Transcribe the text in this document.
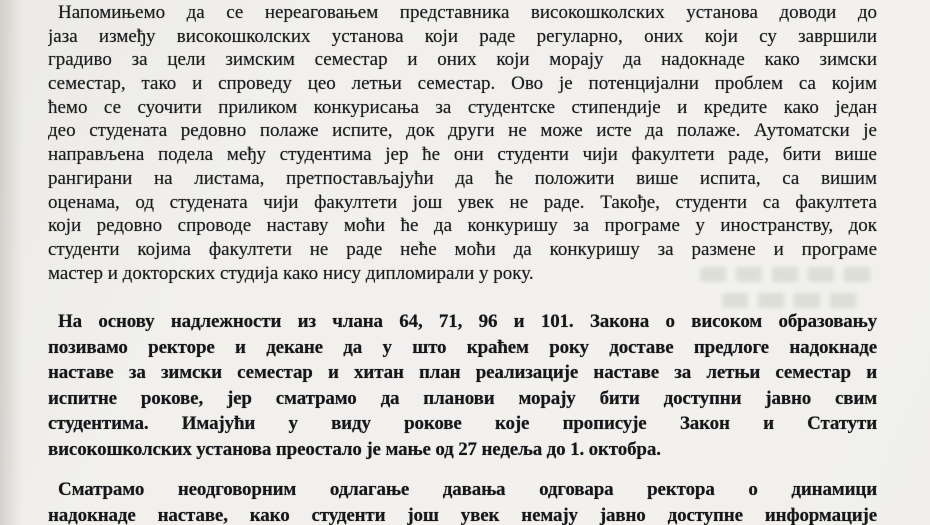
Напомињемо да се нереаговањем представника високошколских установа доводи до
јаза између високошколских установа који раде регуларно, оних који су завршили
градиво за цели зимским семестар и оних који морају да надокнаде како зимски
семестар, тако и спроведу цео летњи семестар. Ово је потенцијални проблем са којим
ћемо се суочити приликом конкурисања за студентске стипендије и кредите како један
део студената редовно полаже испите, док други не може исте да полаже. Аутоматски је
направљена подела међу студентима јер ће они студенти чији факултети раде, бити више
рангирани на листама, претпостављајући да ће положити више испита, са вишим
оценама, од студената чији факултети још увек не раде. Такође, студенти са факултета
који редовно спроводе наставу моћи ће да конкуришу за програме у иностранству, док
студенти којима факултети не раде неће моћи да конкуришу за размене и програме
мастер и докторских студија како нису дипломирали у року.
На основу надлежности из члана 64, 71, 96 и 101. Закона о високом образовању
позивамо ректоре и декане да у што краћем року доставе предлоге надокнаде
наставе за зимски семестар и хитан план реализације наставе за летњи семестар и
испитне рокове, јер сматрамо да планови морају бити доступни јавно свим
студентима. Имајући у виду рокове које прописује Закон и Статути
високошколских установа преостало је мање од 27 недеља до 1. октобра.
Сматрамо неодговорним одлагање давања одговара ректора о динамици
надокнаде наставе, како студенти још увек немају јавно доступне информације
